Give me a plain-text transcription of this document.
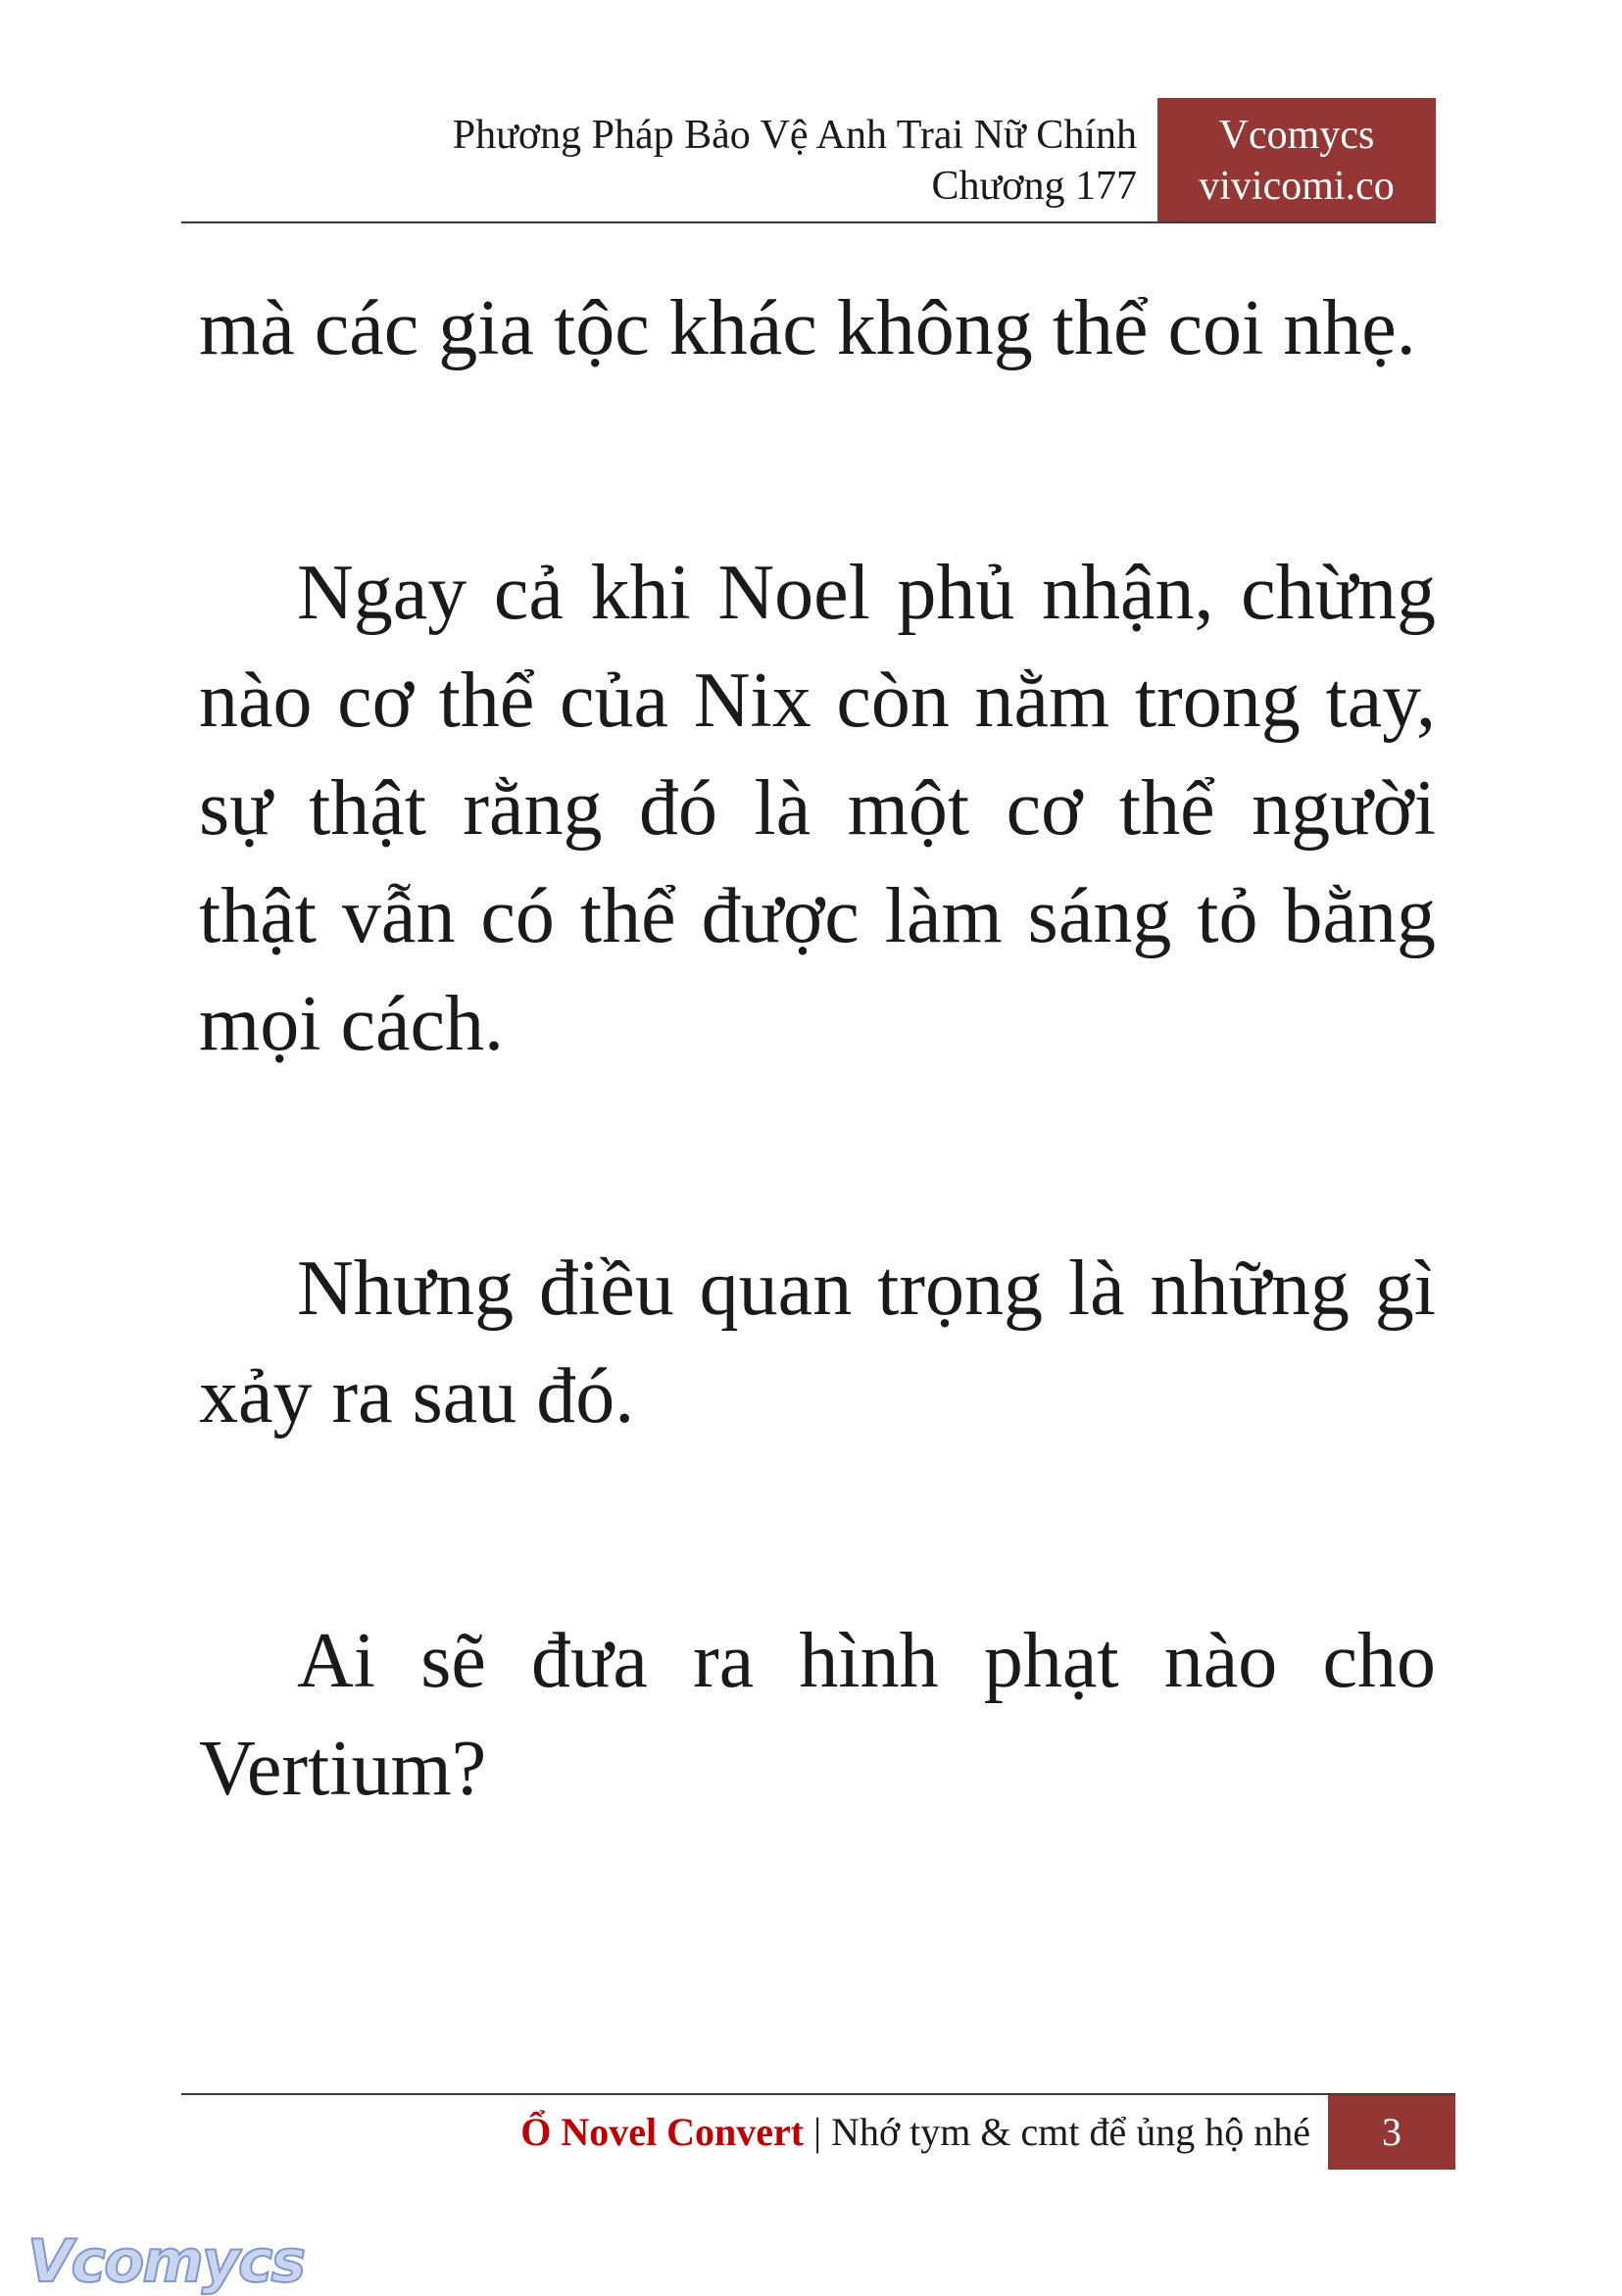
Phương Pháp Bảo Vệ Anh Trai Nữ Chính
Chương 177
Vcomycs
vivicomi.co

mà các gia tộc khác không thể coi nhẹ.

Ngay cả khi Noel phủ nhận, chừng nào cơ thể của Nix còn nằm trong tay, sự thật rằng đó là một cơ thể người thật vẫn có thể được làm sáng tỏ bằng mọi cách.

Nhưng điều quan trọng là những gì xảy ra sau đó.

Ai sẽ đưa ra hình phạt nào cho Vertium?

Ổ Novel Convert | Nhớ tym & cmt để ủng hộ nhé	3
Vcomycs
